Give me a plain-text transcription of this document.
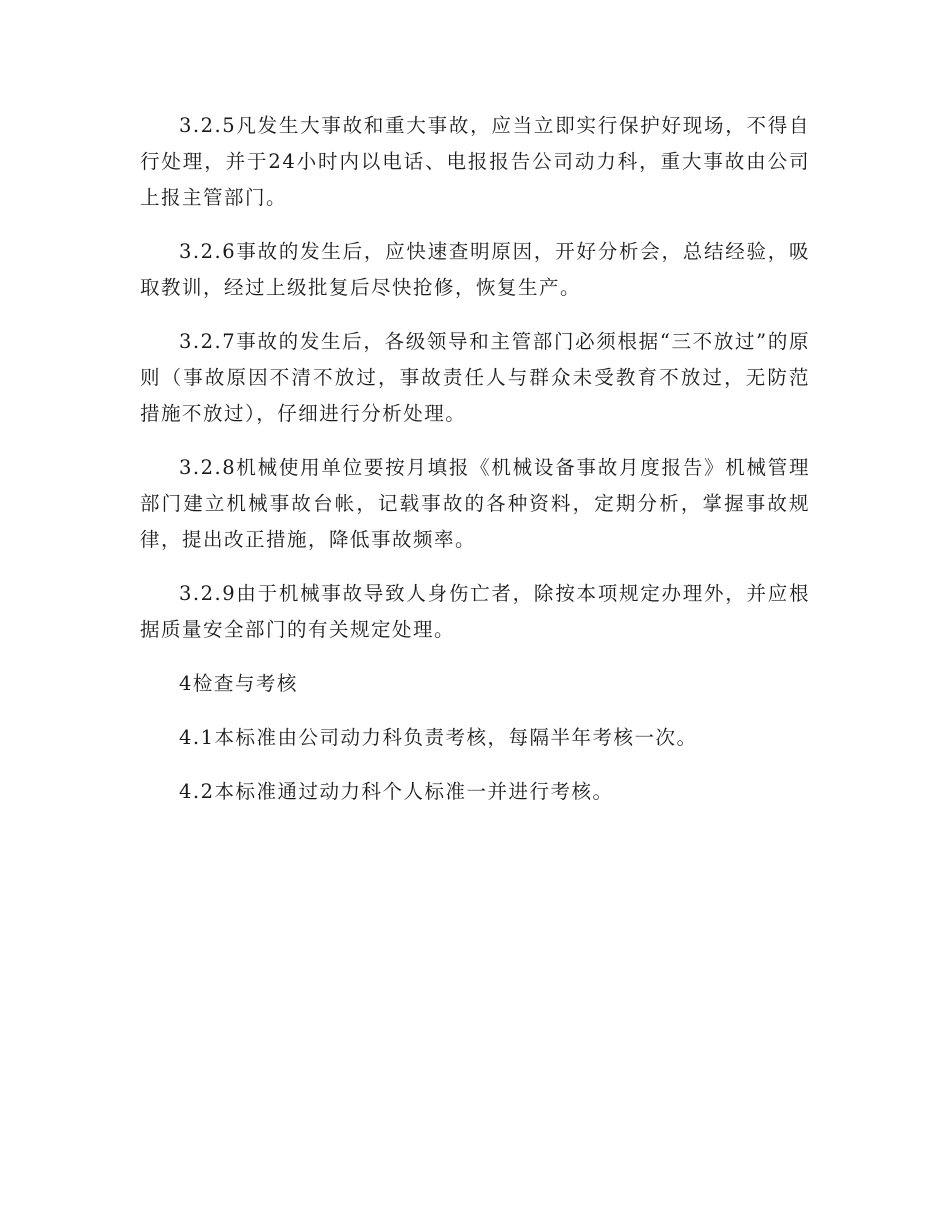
3.2.5凡发生大事故和重大事故，应当立即实行保护好现场，不得自行处理，并于24小时内以电话、电报报告公司动力科，重大事故由公司上报主管部门。

3.2.6事故的发生后，应快速查明原因，开好分析会，总结经验，吸取教训，经过上级批复后尽快抢修，恢复生产。

3.2.7事故的发生后，各级领导和主管部门必须根据“三不放过”的原则（事故原因不清不放过，事故责任人与群众未受教育不放过，无防范措施不放过），仔细进行分析处理。

3.2.8机械使用单位要按月填报《机械设备事故月度报告》机械管理部门建立机械事故台帐，记载事故的各种资料，定期分析，掌握事故规律，提出改正措施，降低事故频率。

3.2.9由于机械事故导致人身伤亡者，除按本项规定办理外，并应根据质量安全部门的有关规定处理。

4检查与考核

4.1本标准由公司动力科负责考核，每隔半年考核一次。

4.2本标准通过动力科个人标准一并进行考核。
